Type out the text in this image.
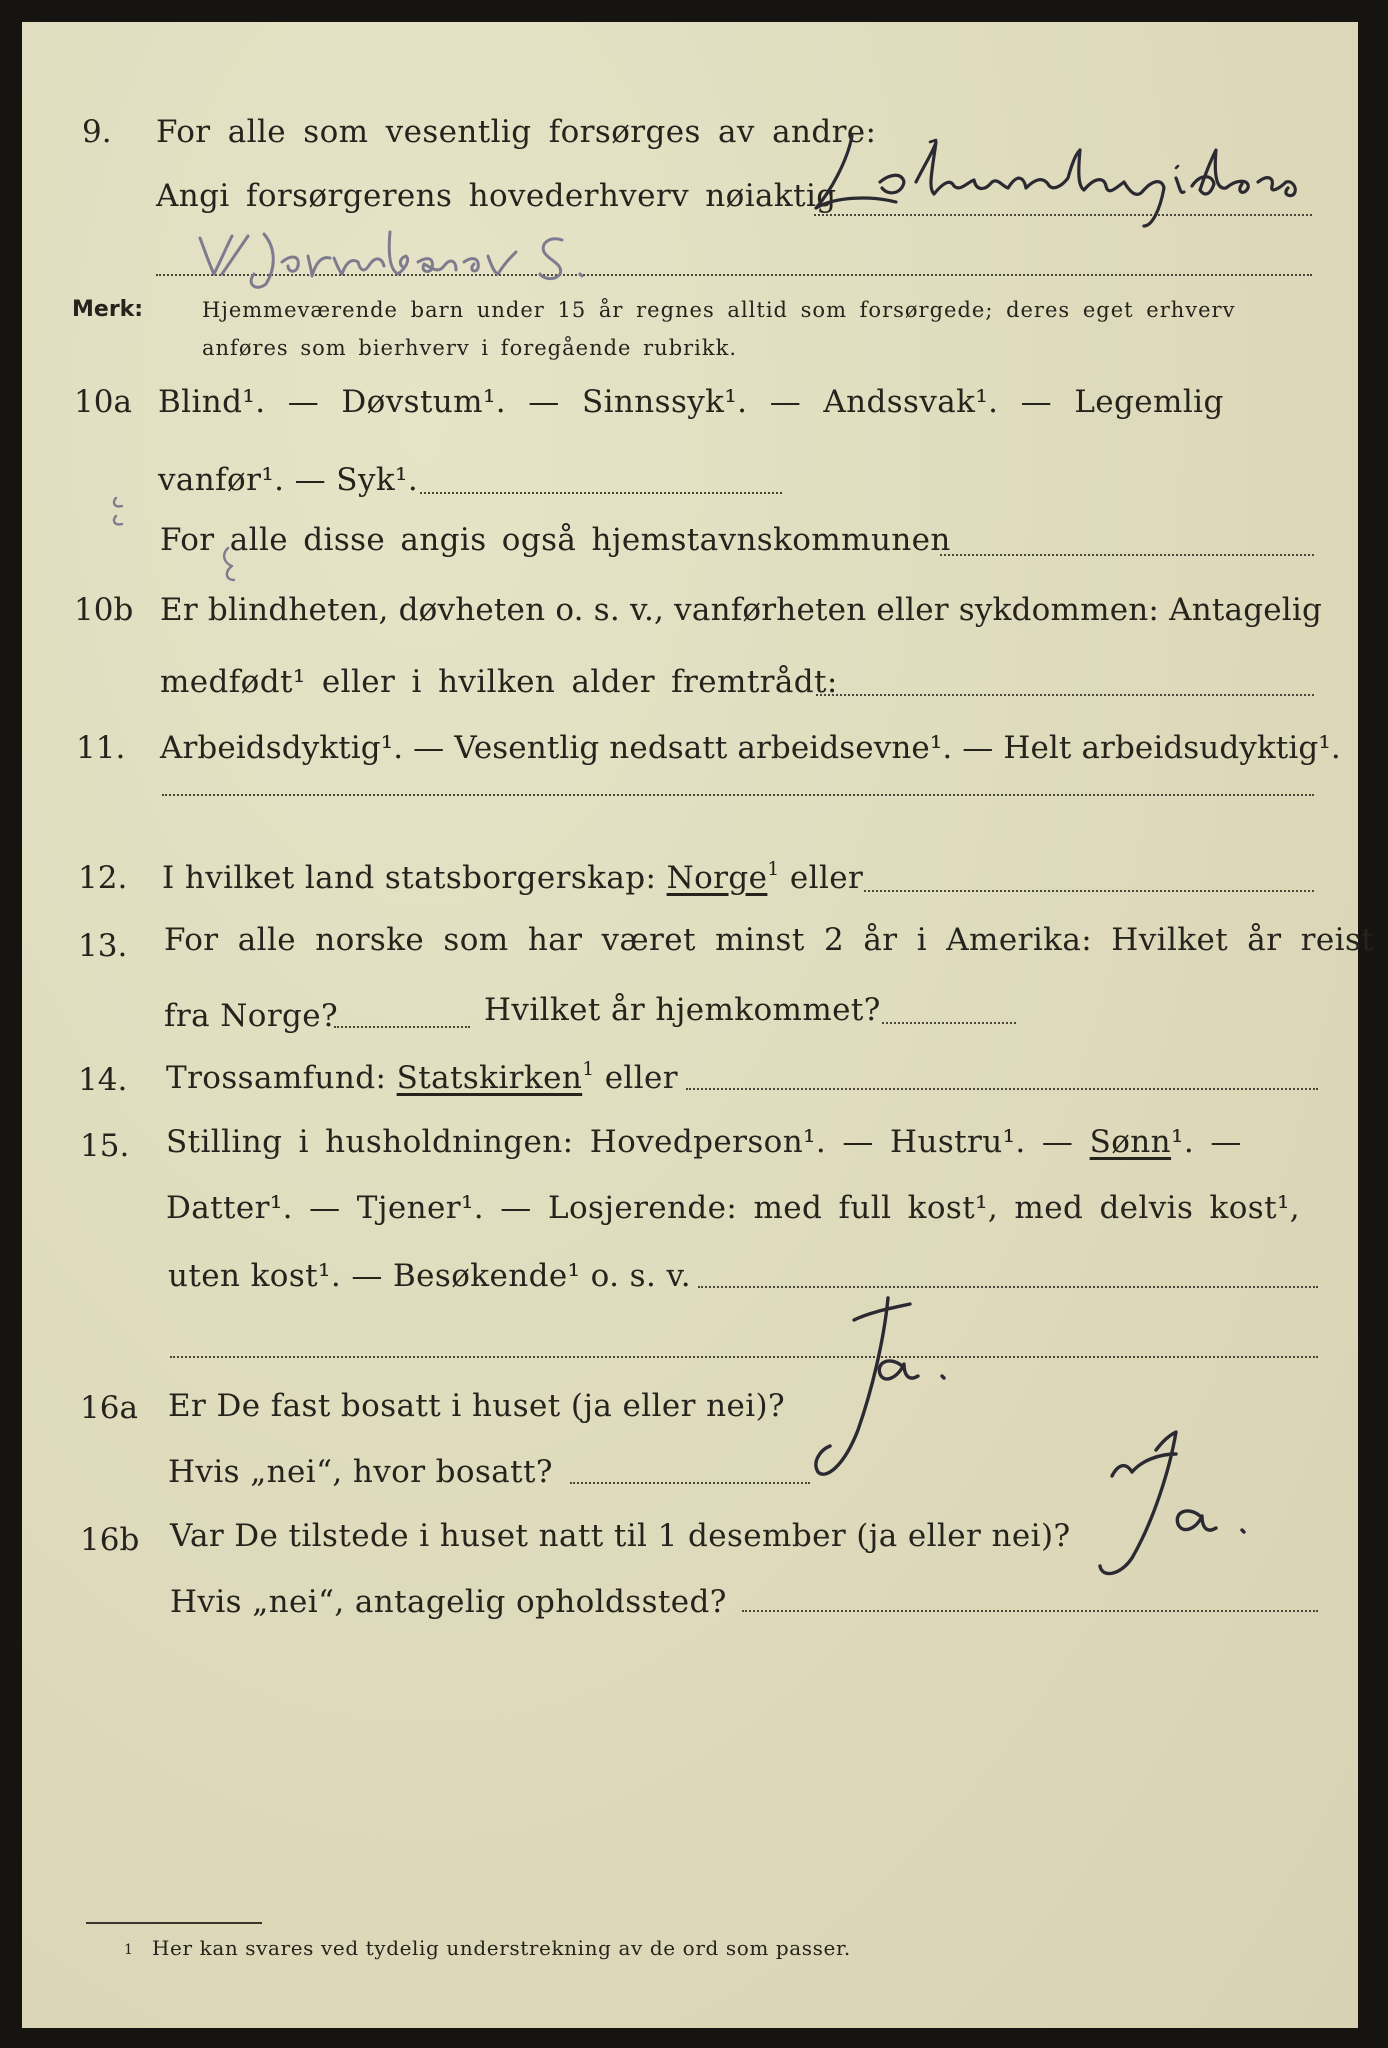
9. For alle som vesentlig forsørges av andre:
Angi forsørgerens hovederhverv nøiaktig
Merk:	Hjemmeværende barn under 15 år regnes alltid som forsørgede; deres eget erhverv
anføres som bierhverv i foregående rubrikk.
10a Blind¹. — Døvstum¹. — Sinnssyk¹. — Andssvak¹. — Legemlig
vanfør¹. — Syk¹.
For alle disse angis også hjemstavnskommunen
10b Er blindheten, døvheten o. s. v., vanførheten eller sykdommen: Antagelig
medfødt¹ eller i hvilken alder fremtrådt:
11. Arbeidsdyktig¹. — Vesentlig nedsatt arbeidsevne¹. — Helt arbeidsudyktig¹.
12. I hvilket land statsborgerskap: Norge$^1$ eller
13. For alle norske som har været minst 2 år i Amerika: Hvilket år reist
fra Norge?	Hvilket år hjemkommet?
14. Trossamfund: Statskirken$^1$ eller
15. Stilling i husholdningen: Hovedperson¹. — Hustru¹. — Sønn¹. —
Datter¹. — Tjener¹. — Losjerende: med full kost¹, med delvis kost¹,
uten kost¹. — Besøkende¹ o. s. v.
16a Er De fast bosatt i huset (ja eller nei)?
Hvis „nei“, hvor bosatt?
16b Var De tilstede i huset natt til 1 desember (ja eller nei)?
Hvis „nei“, antagelig opholdssted?
1 Her kan svares ved tydelig understrekning av de ord som passer.
